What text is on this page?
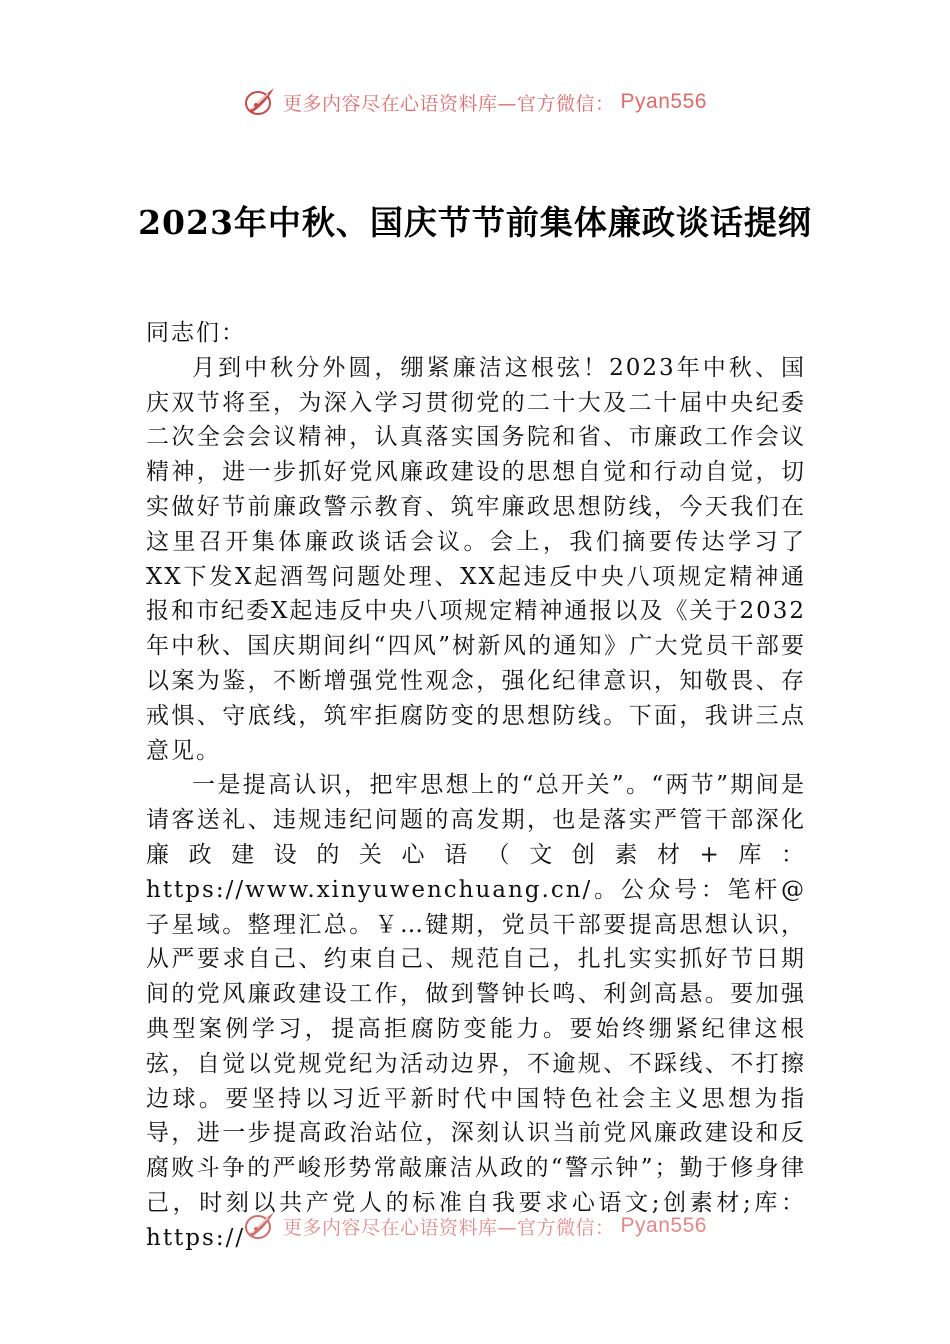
更多内容尽在心语资料库—官方微信： Pyan556
2023年中秋、国庆节节前集体廉政谈话提纲

同志们：

月到中秋分外圆，绷紧廉洁这根弦！2023年中秋、国庆双节将至，为深入学习贯彻党的二十大及二十届中央纪委二次全会会议精神，认真落实国务院和省、市廉政工作会议精神，进一步抓好党风廉政建设的思想自觉和行动自觉，切实做好节前廉政警示教育、筑牢廉政思想防线，今天我们在这里召开集体廉政谈话会议。会上，我们摘要传达学习了XX下发X起酒驾问题处理、XX起违反中央八项规定精神通报和市纪委X起违反中央八项规定精神通报以及《关于2032年中秋、国庆期间纠“四风”树新风的通知》广大党员干部要以案为鉴，不断增强党性观念，强化纪律意识，知敬畏、存戒惧、守底线，筑牢拒腐防变的思想防线。下面，我讲三点意见。

一是提高认识，把牢思想上的“总开关”。“两节”期间是请客送礼、违规违纪问题的高发期，也是落实严管干部深化廉政建设的关心语（文创素材+库：https://www.xinyuwenchuang.cn/。公众号：笔杆@子星域。整理汇总。￥…键期，党员干部要提高思想认识，从严要求自己、约束自己、规范自己，扎扎实实抓好节日期间的党风廉政建设工作，做到警钟长鸣、利剑高悬。要加强典型案例学习，提高拒腐防变能力。要始终绷紧纪律这根弦，自觉以党规党纪为活动边界，不逾规、不踩线、不打擦边球。要坚持以习近平新时代中国特色社会主义思想为指导，进一步提高政治站位，深刻认识当前党风廉政建设和反腐败斗争的严峻形势常敲廉洁从政的“警示钟”；勤于修身律己，时刻以共产党人的标准自我要求心语文;创素材;库：https://	更多内容尽在心语资料库—官方微信： Pyan556
